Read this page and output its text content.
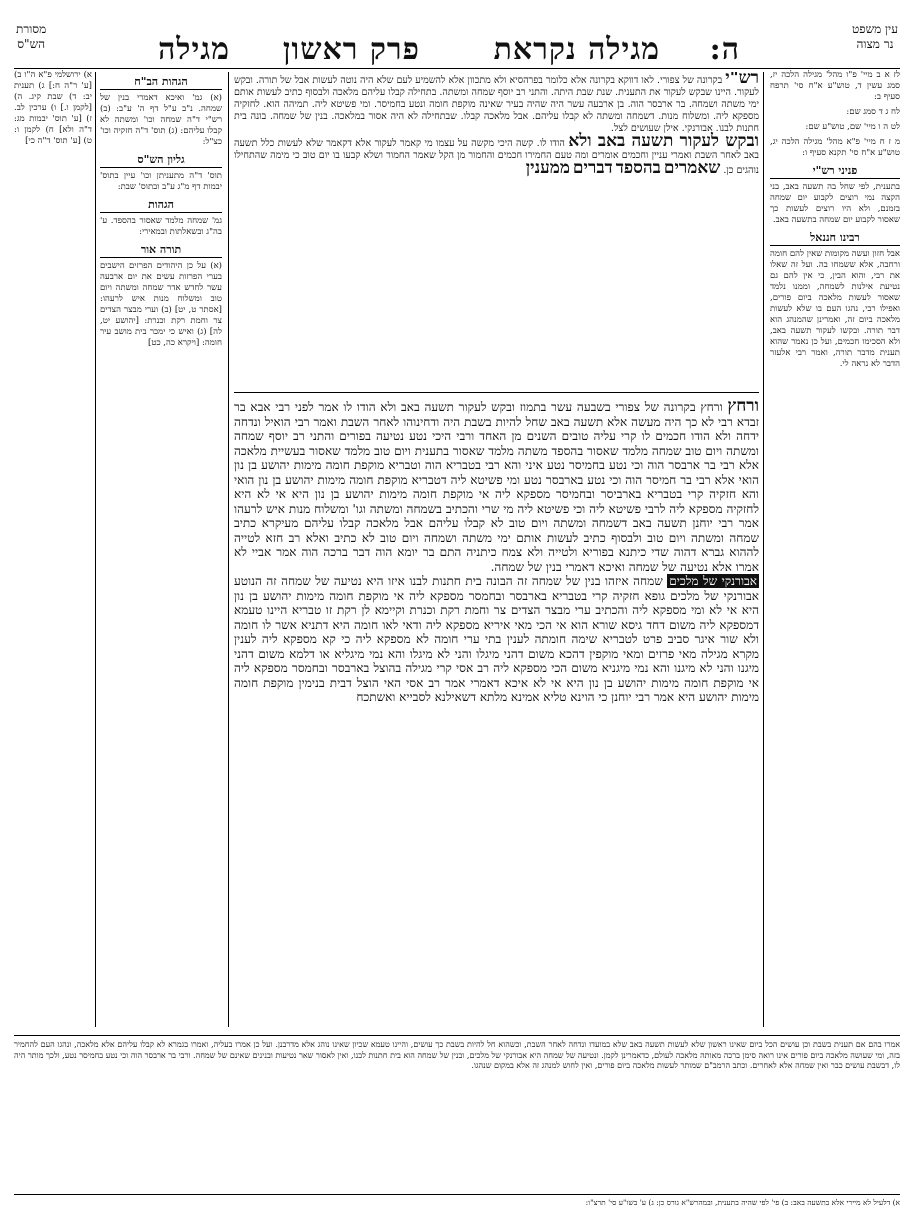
עין משפט
נר מצוה
ה:
מגילה נקראת
פרק ראשון
מגילה
מסורת
הש"ס

לז א ב מיי' פ"ו מהל' מגילה הלכה יז, סמג עשין ד, טוש"ע א"ח סי' תרפח סעיף ב:

לח ג ד סמג שם:

לט ה ו מיי' שם, טוש"ע שם:

מ ז ח מיי' פ"א מהל' מגילה הלכה יג, טוש"ע א"ח סי' תקנא סעיף ו:

פניני רש"י

בתענית, לפי שחל בה תשעה באב, בני הקצה נמי רוצים לקבוע יום שמחה בזמנם, ולא היו רוצים לעשות כך שאסור לקבוע יום שמחה בתשעה באב.

רבינו חננאל

אבל חזון ועשה מקומות שאין להם חומה ורחבה, אלא ששמחו בה. ועל זה שאלו את רבי, והוא הבין, כי אין להם גם נטיעת אילנות לשמחה, וממנו נלמד שאסור לעשות מלאכה ביום פורים, ואפילו רבי, נהגו העם בו שלא לעשות מלאכה ביום זה, ואמרינן שהמנהג הוא דבר תורה. ובקשו לעקור תשעה באב, ולא הסכימו חכמים, ועל כן נאמר שהוא תענית מדבר תורה, ואמר רבי אלעזר הדבר לא נראה לי.

רש"י בקרונה של צפורי. לאו דווקא בקרונה אלא כלומר בפרהסיא ולא מתכוון אלא להשמיע לעם שלא היה נוטה לעשות אבל של תורה. ובקש לעקור. היינו שבקש לעקור את התענית. שנת שבת היתה. והתני רב יוסף שמחה ומשתה. בתחילה קבלו עליהם מלאכה ולבסוף כתיב לעשות אותם ימי משתה ושמחה. בר ארבסר הוה. בן ארבעה עשר היה שהיה בעיר שאינה מוקפת חומה ונטע בחמיסר. ומי פשיטא ליה. תמיהה הוא. לחזקיה מספקא ליה. ומשלוח מנות. דשמחה ומשתה לא קבלו עליהם. אבל מלאכה קבלו. שבתחילה לא היה אסור במלאכה. בנין של שמחה. בונה בית חתנות לבנו. אבורנקי. אילן שעושים לצל.
ובקש לעקור תשעה באב ולא הודו לו. קשה היכי מקשה על עצמו מי קאמר לעקור אלא דקאמר שלא לעשות כלל תשעה באב לאחר השבת ואמרי עניין וחכמים אומרים ומה טעם החמירו חכמים והחמור מן הקל שאמר החמור ושלא קבעו בו יום טוב כי מימה שהתחילו נוהגים כן. שאמרים בהספד דברים ממענין
ורחץ ורחץ בקרונה של צפורי בשבעה עשר בתמוז ובקש לעקור תשעה באב ולא הודו לו אמר לפני רבי אבא בר זבדא רבי לא כך היה מעשה אלא תשעה באב שחל להיות בשבת היה ודחינוהו לאחר השבת ואמר רבי הואיל ונדחה ידחה ולא הודו חכמים לו קרי עליה טובים השנים מן האחד ורבי היכי נטע נטיעה בפורים והתני רב יוסף שמחה ומשתה ויום טוב שמחה מלמד שאסור בהספד משתה מלמד שאסור בתענית ויום טוב מלמד שאסור בעשיית מלאכה אלא רבי בר ארבסר הוה וכי נטע בחמיסר נטע איני והא רבי בטבריא הוה וטבריא מוקפת חומה מימות יהושע בן נון הואי אלא רבי בר חמיסר הוה וכי נטע בארבסר נטע ומי פשיטא ליה דטבריא מוקפת חומה מימות יהושע בן נון הואי והא חזקיה קרי בטבריא בארביסר ובחמיסר מספקא ליה אי מוקפת חומה מימות יהושע בן נון היא אי לא היא לחזקיה מספקא ליה לרבי פשיטא ליה וכי פשיטא ליה מי שרי והכתיב בשמחה ומשתה וגו' ומשלוח מנות איש לרעהו אמר רבי יוחנן תשעה באב דשמחה ומשתה ויום טוב לא קבלו עליהם אבל מלאכה קבלו עליהם מעיקרא כתיב שמחה ומשתה ויום טוב ולבסוף כתיב לעשות אותם ימי משתה ושמחה ויום טוב לא כתיב ואלא רב חזא לטייה לההוא גברא דהוה שדי כיתנא בפוריא ולטייה ולא צמח כיתניה התם בר יומא הוה דבר ברכה הוה אמר אביי לא אמרו אלא נטיעה של שמחה ואיכא דאמרי בנין של שמחה.
אבורנקי של מלכים שמחה איזהו בנין של שמחה זה הבונה בית חתנות לבנו איזו היא נטיעה של שמחה זה הנוטע אבורנקי של מלכים גופא חזקיה קרי בטבריא בארבסר ובחמסר מספקא ליה אי מוקפת חומה מימות יהושע בן נון היא אי לא ומי מספקא ליה והכתיב ערי מבצר הצדים צר וחמת רקת וכנרת וקיימא לן רקת זו טבריא היינו טעמא דמספקא ליה משום דחד גיסא שורא הוא אי הכי מאי איריא מספקא ליה ודאי לאו חומה היא דתניא אשר לו חומה ולא שור איגר סביב פרט לטבריא שימה חומתה לענין בתי ערי חומה לא מספקא ליה כי קא מספקא ליה לענין מקרא מגילה מאי פרזים ומאי מוקפין דהכא משום דהני מיגלו והני לא מיגלו והא נמי מיגליא או דלמא משום דהני מיגנו והני לא מיגנו והא נמי מיגניא משום הכי מספקא ליה רב אסי קרי מגילה בהוצל בארבסר ובחמסר מספקא ליה אי מוקפת חומה מימות יהושע בן נון היא אי לא איכא דאמרי אמר רב אסי האי הוצל דבית בנימין מוקפת חומה מימות יהושע היא אמר רבי יוחנן כי הוינא טליא אמינא מלתא דשאילנא לסבייא ואשתכח
הגהות הב"ח

(א) גמ' ואיכא דאמרי בנין של שמחה. נ"ב ע"ל דף ה' ע"ב: (ב) רש"י ד"ה שמחה וכו' ומשתה לא קבלו עליהם: (ג) תוס' ד"ה חזקיה וכו' כצ"ל:

גליון הש"ס

תוס' ד"ה מתעניתן וכו' עיין בתוס' יבמות דף מ"ג ע"ב ובתוס' שבת:

הגהות

גמ' שמחה מלמד שאסור בהספד. ע' בה"ג ובשאלתות ובמאירי:

תורה אור

(א) על כן היהודים הפרזים הישבים בערי הפרזות עשים את יום ארבעה עשר לחדש אדר שמחה ומשתה ויום טוב ומשלוח מנות איש לרעהו: [אסתר ט, יט] (ב) וערי מבצר הצדים צר וחמת רקת וכנרת: [יהושע יט, לה] (ג) ואיש כי ימכר בית מושב עיר חומה: [ויקרא כה, כט]

א) ירושלמי פ"א ה"ו ב) [ע' ר"ה ח:] ג) תענית יב: ד) שבת קיג. ה) [לקמן ו.] ו) ערכין לב. ז) [ע' תוס' יבמות מג: ד"ה ולא] ח) לקמן ו: ט) [ע' תוס' ד"ה כי]

אמרו בהם אם תענית בשבת וכן עושים הכל ביום שאינו ראשון שלא לעשות תשעה באב שלא במועדו ונדחה לאחר השבת, וכשהוא חל להיות בשבת כך עושים, והיינו טעמא שכיון שאינו נוהג אלא מדרבנן. ועל כן אמרו בעליה, ואמרו בגמרא לא קבלו עליהם אלא מלאכה, ונהגו העם להחמיר בזה, ומי שעושה מלאכה ביום פורים אינו רואה סימן ברכה מאותה מלאכה לעולם, כדאמרינן לקמן. ונטיעה של שמחה היא אבורנקי של מלכים, ובנין של שמחה הוא בית חתנות לבנו, ואין לאסור שאר נטיעות ובנינים שאינם של שמחה. ורבי בר ארבסר הוה וכי נטע בחמיסר נטע, ולכך מותר היה לו, דבשבת עושים כבר ואין שמחה אלא לאחרים. וכתב הרמב"ם שמותר לעשות מלאכה ביום פורים, ואין לחוש למנהג זה אלא במקום שנהגו.
א) דלעיל לא מיירי אלא בתשעה באב: ב) פי' לפי שהיה בתענית, ובמהרש"א גורס כן: ג) ע' בשו"ע סי' תרצ"ו:
